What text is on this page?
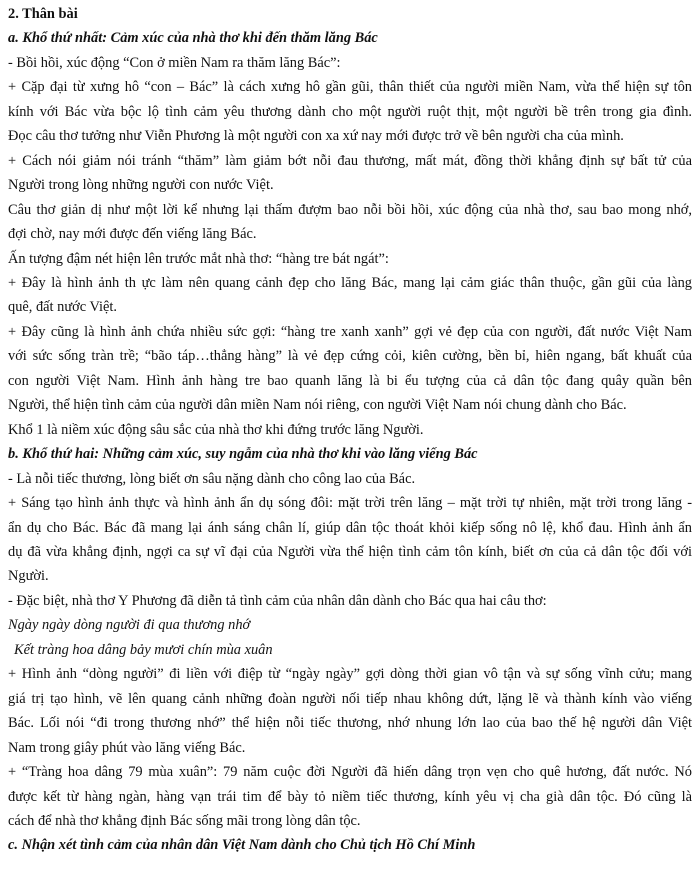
2. Thân bài

a. Khổ thứ nhất: Cảm xúc của nhà thơ khi đến thăm lăng Bác

- Bồi hồi, xúc động “Con ở miền Nam ra thăm lăng Bác”:

+ Cặp đại từ xưng hô “con – Bác” là cách xưng hô gần gũi, thân thiết của người miền Nam, vừa thể hiện sự tôn

kính với Bác vừa bộc lộ tình cảm yêu thương dành cho một người ruột thịt, một người bề trên trong gia đình.

Đọc câu thơ tưởng như Viễn Phương là một người con xa xứ nay mới được trở về bên người cha của mình.

+ Cách nói giảm nói tránh “thăm” làm giảm bớt nỗi đau thương, mất mát, đồng thời khẳng định sự bất tử của

Người trong lòng những người con nước Việt.

Câu thơ giản dị như một lời kể nhưng lại thấm đượm bao nỗi bồi hồi, xúc động của nhà thơ, sau bao mong nhớ,

đợi chờ, nay mới được đến viếng lăng Bác.

Ấn tượng đậm nét hiện lên trước mắt nhà thơ: “hàng tre bát ngát”:

+ Đây là hình ảnh th ực làm nên quang cảnh đẹp cho lăng Bác, mang lại cảm giác thân thuộc, gần gũi của làng

quê, đất nước Việt.

+ Đây cũng là hình ảnh chứa nhiều sức gợi: “hàng tre xanh xanh” gợi vẻ đẹp của con người, đất nước Việt Nam

với sức sống tràn trề; “bão táp…thẳng hàng” là vẻ đẹp cứng cỏi, kiên cường, bền bỉ, hiên ngang, bất khuất của

con người Việt Nam. Hình ảnh hàng tre bao quanh lăng là bi ểu tượng của cả dân tộc đang quây quần bên

Người, thể hiện tình cảm của người dân miền Nam nói riêng, con người Việt Nam nói chung dành cho Bác.

Khổ 1 là niềm xúc động sâu sắc của nhà thơ khi đứng trước lăng Người.

b. Khổ thứ hai: Những cảm xúc, suy ngẫm của nhà thơ khi vào lăng viếng Bác

- Là nỗi tiếc thương, lòng biết ơn sâu nặng dành cho công lao của Bác.

+ Sáng tạo hình ảnh thực và hình ảnh ẩn dụ sóng đôi: mặt trời trên lăng – mặt trời tự nhiên, mặt trời trong lăng -

ẩn dụ cho Bác. Bác đã mang lại ánh sáng chân lí, giúp dân tộc thoát khỏi kiếp sống nô lệ, khổ đau. Hình ảnh ẩn

dụ đã vừa khẳng định, ngợi ca sự vĩ đại của Người vừa thể hiện tình cảm tôn kính, biết ơn của cả dân tộc đối với

Người.

- Đặc biệt, nhà thơ Y Phương đã diễn tả tình cảm của nhân dân dành cho Bác qua hai câu thơ:

Ngày ngày dòng người đi qua thương nhớ

Kết tràng hoa dâng bảy mươi chín mùa xuân

+ Hình ảnh “dòng người” đi liền với điệp từ “ngày ngày” gợi dòng thời gian vô tận và sự sống vĩnh cửu; mang

giá trị tạo hình, vẽ lên quang cảnh những đoàn người nối tiếp nhau không dứt, lặng lẽ và thành kính vào viếng

Bác. Lối nói “đi trong thương nhớ” thể hiện nỗi tiếc thương, nhớ nhung lớn lao của bao thế hệ người dân Việt

Nam trong giây phút vào lăng viếng Bác.

+ “Tràng hoa dâng 79 mùa xuân”: 79 năm cuộc đời Người đã hiến dâng trọn vẹn cho quê hương, đất nước. Nó

được kết từ hàng ngàn, hàng vạn trái tim để bày tỏ niềm tiếc thương, kính yêu vị cha già dân tộc. Đó cũng là

cách để nhà thơ khẳng định Bác sống mãi trong lòng dân tộc.

c. Nhận xét tình cảm của nhân dân Việt Nam dành cho Chủ tịch Hồ Chí Minh
